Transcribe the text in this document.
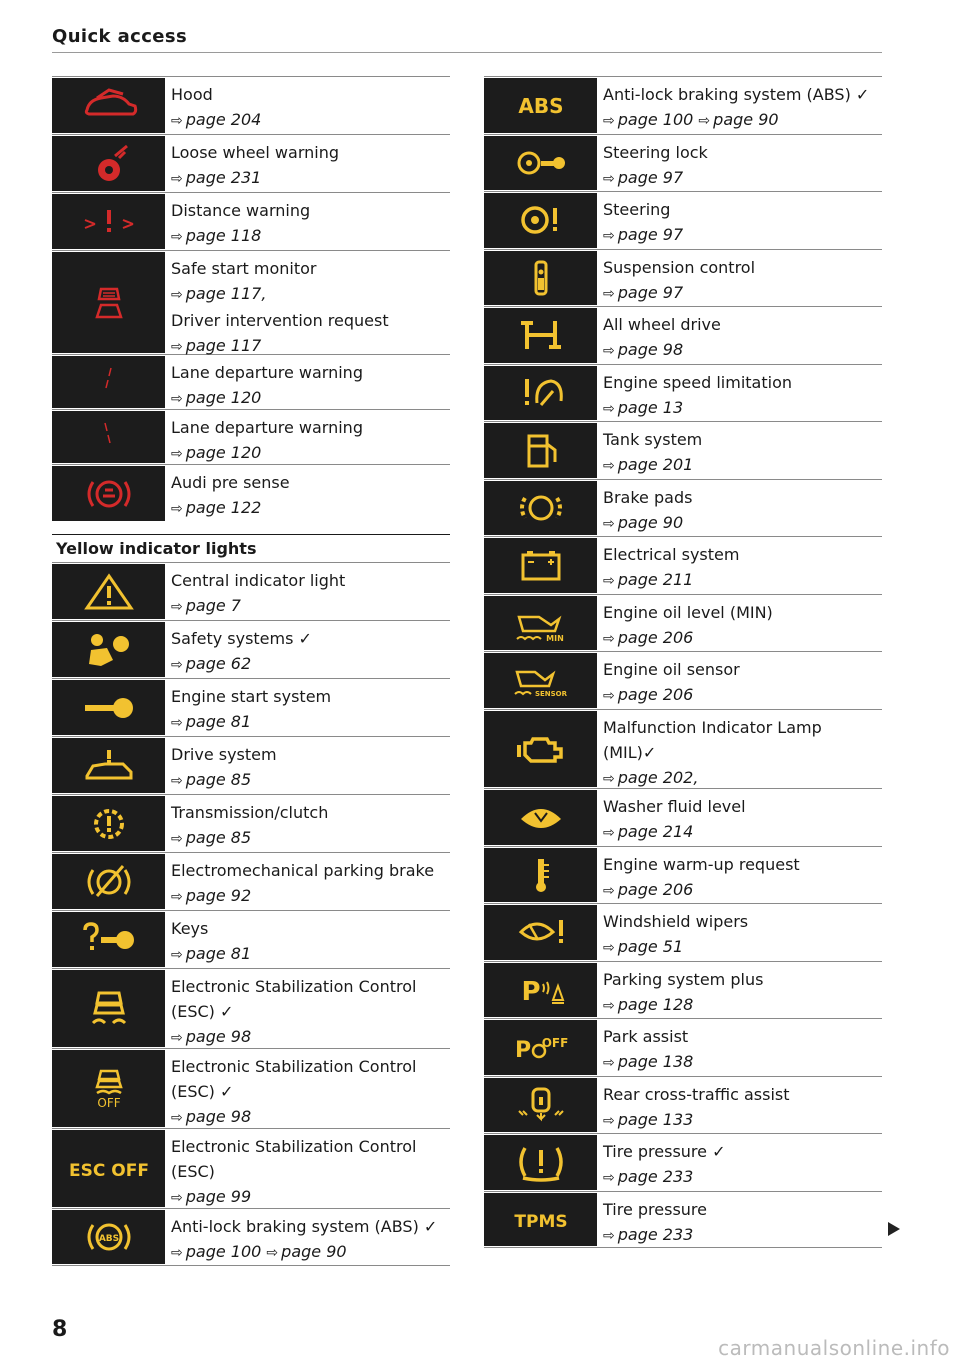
Quick access
Hood
⇨ page 204
Loose wheel warning
⇨ page 231
Distance warning
⇨ page 118
Safe start monitor
⇨ page 117,
Driver intervention request
⇨ page 117
Lane departure warning
⇨ page 120
Lane departure warning
⇨ page 120
Audi pre sense
⇨ page 122
Yellow indicator lights
Central indicator light
⇨ page 7
Safety systems ✓
⇨ page 62
Engine start system
⇨ page 81
Drive system
⇨ page 85
Transmission/clutch
⇨ page 85
Electromechanical parking brake
⇨ page 92
Keys
⇨ page 81
Electronic Stabilization Control
(ESC) ✓
⇨ page 98
OFF
Electronic Stabilization Control
(ESC) ✓
⇨ page 98
ESC OFF
Electronic Stabilization Control
(ESC)
⇨ page 99
ABS
Anti-lock braking system (ABS) ✓
⇨ page 100 ⇨ page 90
ABS Anti-lock braking system (ABS) ✓
⇨ page 100 ⇨ page 90
Steering lock
⇨ page 97
Steering
⇨ page 97
Suspension control
⇨ page 97
All wheel drive
⇨ page 98
Engine speed limitation
⇨ page 13
Tank system
⇨ page 201
Brake pads
⇨ page 90
Electrical system
⇨ page 211
MIN
Engine oil level (MIN)
⇨ page 206
SENSOR
Engine oil sensor
⇨ page 206
Malfunction Indicator Lamp
(MIL)✓
⇨ page 202,
Washer fluid level
⇨ page 214
Engine warm-up request
⇨ page 206
Windshield wipers
⇨ page 51
P	Parking system plus
⇨ page 128
P OFF Park assist
⇨ page 138
Rear cross-traffic assist
⇨ page 133
Tire pressure ✓
⇨ page 233
TPMS
Tire pressure
⇨ page 233
8
carmanualsonline.info
